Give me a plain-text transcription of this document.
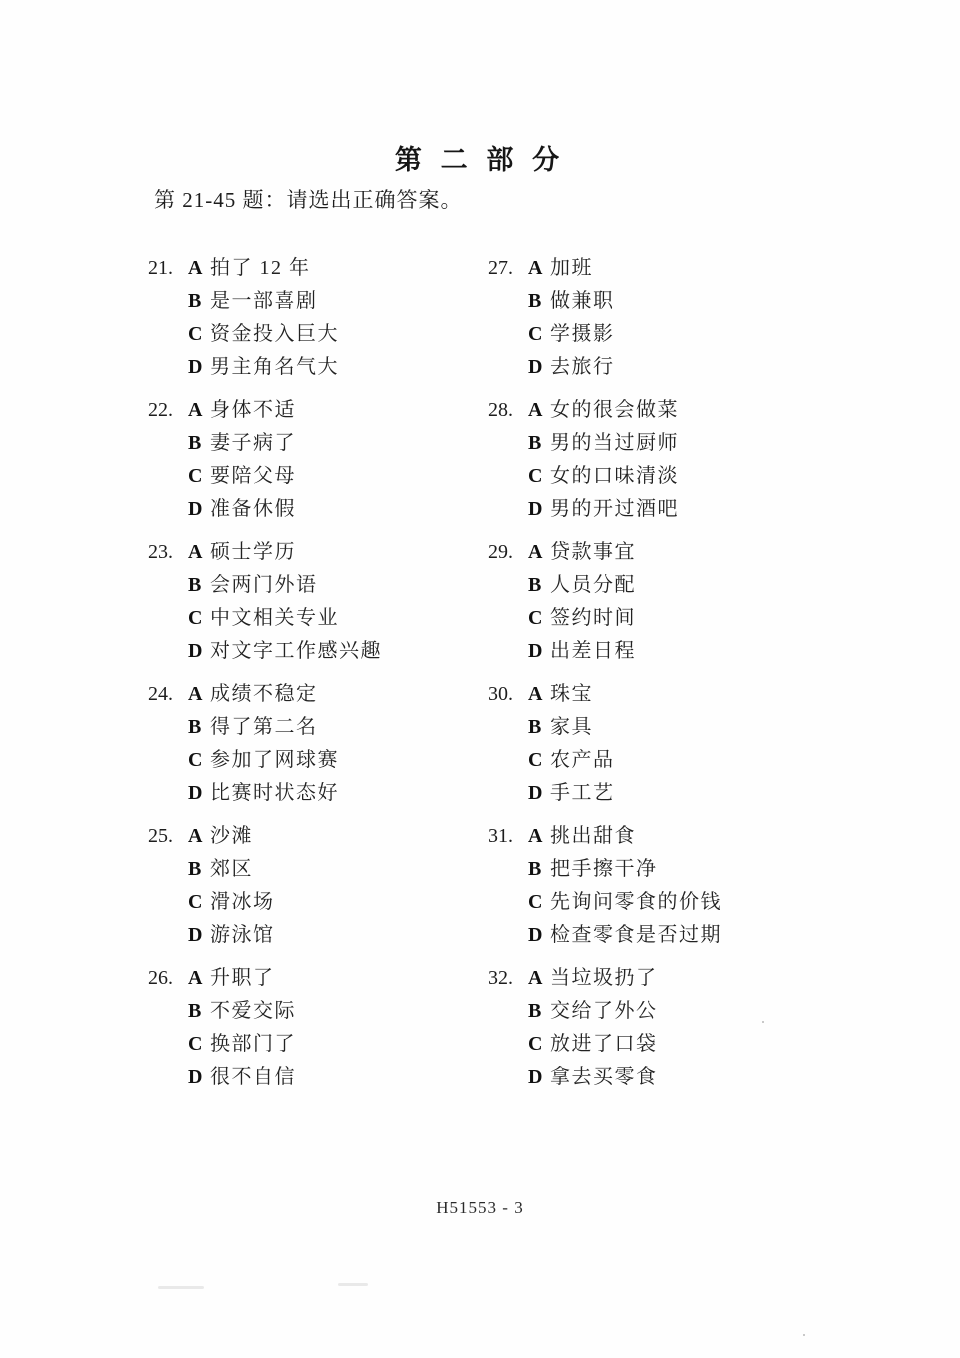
第 二 部 分
第 21-45 题：请选出正确答案。
21. A 拍了 12 年
B 是一部喜剧
C 资金投入巨大
D 男主角名气大
22. A 身体不适
B 妻子病了
C 要陪父母
D 准备休假
23. A 硕士学历
B 会两门外语
C 中文相关专业
D 对文字工作感兴趣
24. A 成绩不稳定
B 得了第二名
C 参加了网球赛
D 比赛时状态好
25. A 沙滩
B 郊区
C 滑冰场
D 游泳馆
26. A 升职了
B 不爱交际
C 换部门了
D 很不自信
27. A 加班
B 做兼职
C 学摄影
D 去旅行
28. A 女的很会做菜
B 男的当过厨师
C 女的口味清淡
D 男的开过酒吧
29. A 贷款事宜
B 人员分配
C 签约时间
D 出差日程
30. A 珠宝
B 家具
C 农产品
D 手工艺
31. A 挑出甜食
B 把手擦干净
C 先询问零食的价钱
D 检查零食是否过期
32. A 当垃圾扔了
B 交给了外公
C 放进了口袋
D 拿去买零食
H51553 - 3
